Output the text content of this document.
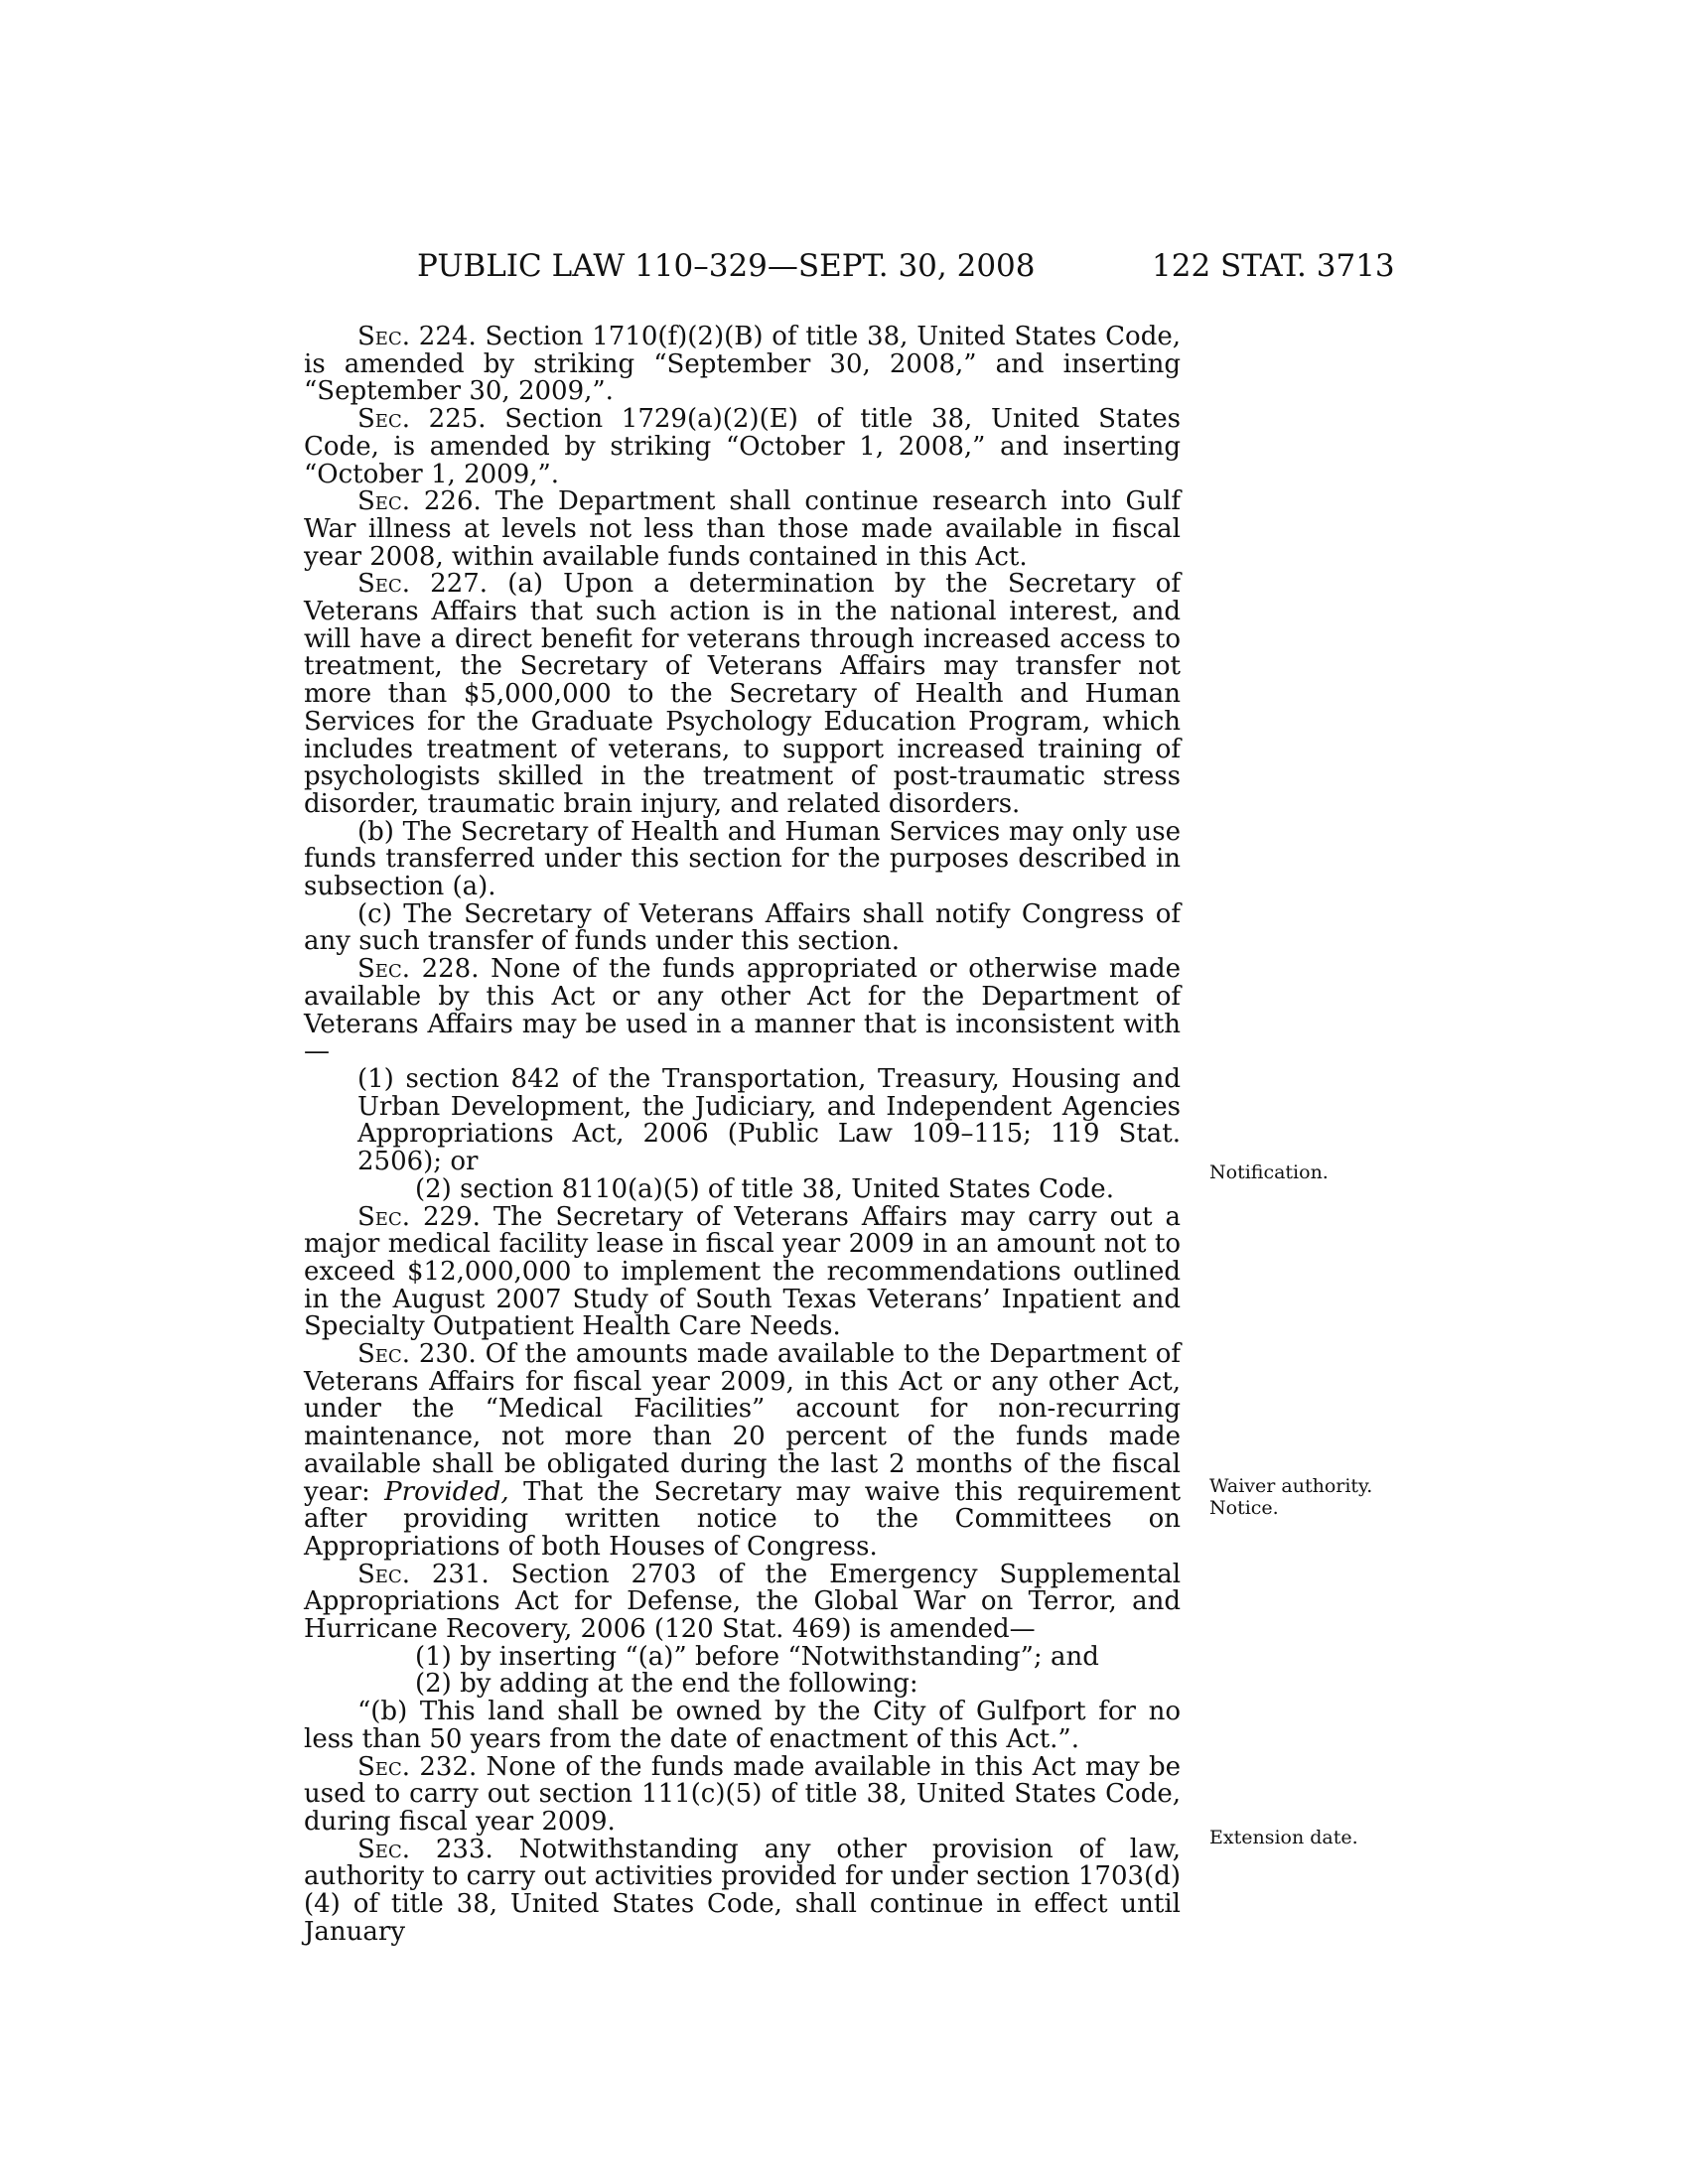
PUBLIC LAW 110–329—SEPT. 30, 2008	122 STAT. 3713

Sec. 224. Section 1710(f)(2)(B) of title 38, United States Code, is amended by striking “September 30, 2008,” and inserting “September 30, 2009,”.

Sec. 225. Section 1729(a)(2)(E) of title 38, United States Code, is amended by striking “October 1, 2008,” and inserting “October 1, 2009,”.

Sec. 226. The Department shall continue research into Gulf War illness at levels not less than those made available in fiscal year 2008, within available funds contained in this Act.

Sec. 227. (a) Upon a determination by the Secretary of Veterans Affairs that such action is in the national interest, and will have a direct benefit for veterans through increased access to treatment, the Secretary of Veterans Affairs may transfer not more than $5,000,000 to the Secretary of Health and Human Services for the Graduate Psychology Education Program, which includes treatment of veterans, to support increased training of psychologists skilled in the treatment of post-traumatic stress disorder, traumatic brain injury, and related disorders.

(b) The Secretary of Health and Human Services may only use funds transferred under this section for the purposes described in subsection (a).

(c) The Secretary of Veterans Affairs shall notify Congress of any such transfer of funds under this section.

Sec. 228. None of the funds appropriated or otherwise made available by this Act or any other Act for the Department of Veterans Affairs may be used in a manner that is inconsistent with—

(1) section 842 of the Transportation, Treasury, Housing and Urban Development, the Judiciary, and Independent Agencies Appropriations Act, 2006 (Public Law 109–115; 119 Stat. 2506); or

(2) section 8110(a)(5) of title 38, United States Code.

Sec. 229. The Secretary of Veterans Affairs may carry out a major medical facility lease in fiscal year 2009 in an amount not to exceed $12,000,000 to implement the recommendations outlined in the August 2007 Study of South Texas Veterans’ Inpatient and Specialty Outpatient Health Care Needs.

Sec. 230. Of the amounts made available to the Department of Veterans Affairs for fiscal year 2009, in this Act or any other Act, under the “Medical Facilities” account for non-recurring maintenance, not more than 20 percent of the funds made available shall be obligated during the last 2 months of the fiscal year: Provided, That the Secretary may waive this requirement after providing written notice to the Committees on Appropriations of both Houses of Congress.

Sec. 231. Section 2703 of the Emergency Supplemental Appropriations Act for Defense, the Global War on Terror, and Hurricane Recovery, 2006 (120 Stat. 469) is amended—

(1) by inserting “(a)” before “Notwithstanding”; and

(2) by adding at the end the following:

“(b) This land shall be owned by the City of Gulfport for no less than 50 years from the date of enactment of this Act.”.

Sec. 232. None of the funds made available in this Act may be used to carry out section 111(c)(5) of title 38, United States Code, during fiscal year 2009.

Sec. 233. Notwithstanding any other provision of law, authority to carry out activities provided for under section 1703(d)(4) of title 38, United States Code, shall continue in effect until January

Notification.
Waiver authority.
Notice.
Extension date.
